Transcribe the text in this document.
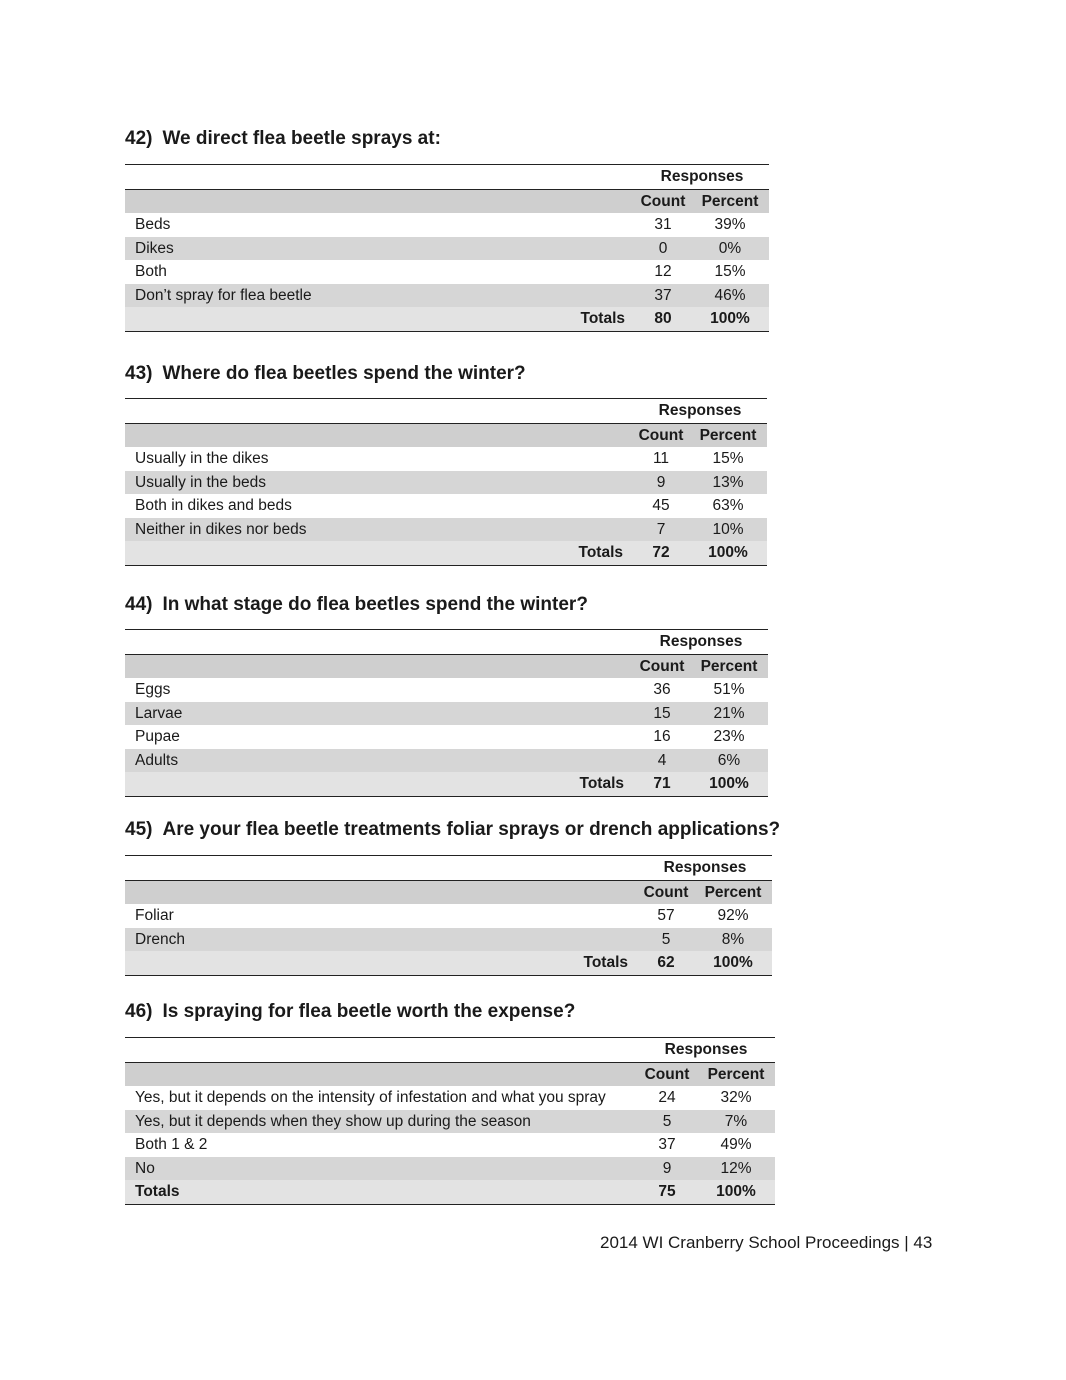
42) We direct flea beetle sprays at:
	Responses	
	Count	Percent
Beds	31	39%
Dikes	0	0%
Both	12	15%
Don’t spray for flea beetle	37	46%
Totals	80	100%
43) Where do flea beetles spend the winter?
	Responses	
	Count	Percent
Usually in the dikes	11	15%
Usually in the beds	9	13%
Both in dikes and beds	45	63%
Neither in dikes nor beds	7	10%
Totals	72	100%
44) In what stage do flea beetles spend the winter?
	Responses	
	Count	Percent
Eggs	36	51%
Larvae	15	21%
Pupae	16	23%
Adults	4	6%
Totals	71	100%
45) Are your flea beetle treatments foliar sprays or drench applications?
	Responses	
	Count	Percent
Foliar	57	92%
Drench	5	8%
Totals	62	100%
46) Is spraying for flea beetle worth the expense?
	Responses	
	Count	Percent
Yes, but it depends on the intensity of infestation and what you spray	24	32%
Yes, but it depends when they show up during the season	5	7%
Both 1 & 2	37	49%
No	9	12%
Totals	75	100%
2014 WI Cranberry School Proceedings | 43
